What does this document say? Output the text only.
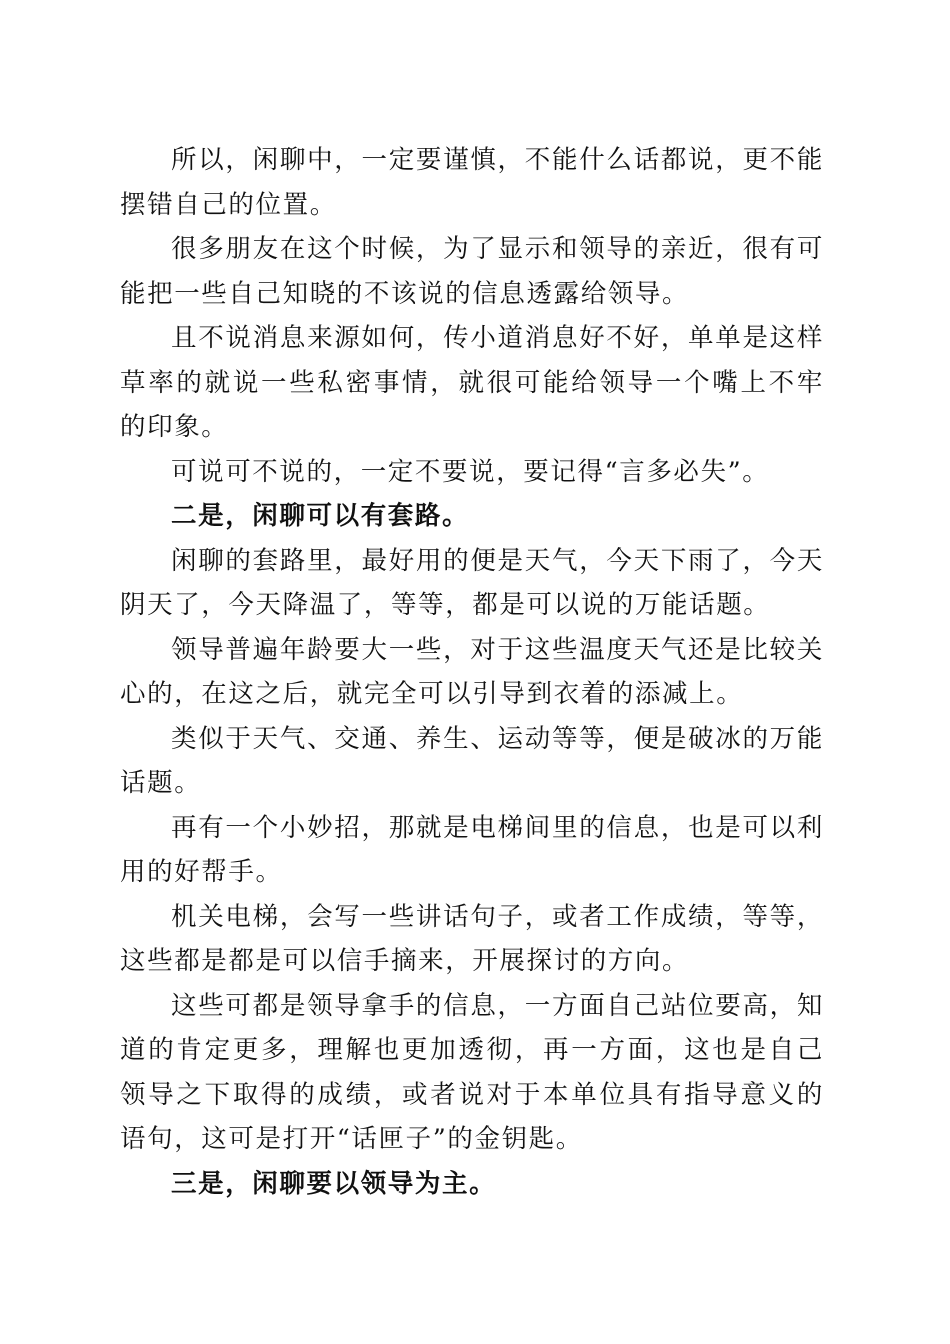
所以，闲聊中，一定要谨慎，不能什么话都说，更不能摆错自己的位置。

很多朋友在这个时候，为了显示和领导的亲近，很有可能把一些自己知晓的不该说的信息透露给领导。

且不说消息来源如何，传小道消息好不好，单单是这样草率的就说一些私密事情，就很可能给领导一个嘴上不牢的印象。

可说可不说的，一定不要说，要记得“言多必失”。

二是，闲聊可以有套路。

闲聊的套路里，最好用的便是天气，今天下雨了，今天阴天了，今天降温了，等等，都是可以说的万能话题。

领导普遍年龄要大一些，对于这些温度天气还是比较关心的，在这之后，就完全可以引导到衣着的添减上。

类似于天气、交通、养生、运动等等，便是破冰的万能话题。

再有一个小妙招，那就是电梯间里的信息，也是可以利用的好帮手。

机关电梯，会写一些讲话句子，或者工作成绩，等等，这些都是都是可以信手摘来，开展探讨的方向。

这些可都是领导拿手的信息，一方面自己站位要高，知道的肯定更多，理解也更加透彻，再一方面，这也是自己领导之下取得的成绩，或者说对于本单位具有指导意义的语句，这可是打开“话匣子”的金钥匙。

三是，闲聊要以领导为主。
